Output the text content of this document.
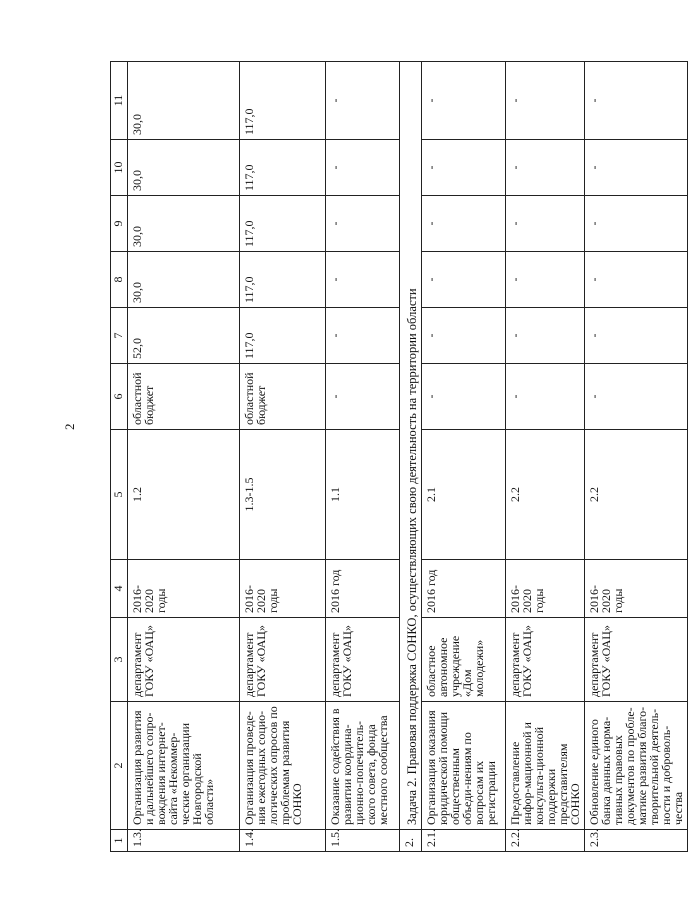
2
1	2	3	4	5	6	7	8	9	10	11
1.3.	Организация развития и дальнейшего сопро-вождения интернет-сайта «Некоммер-ческие организации Новгородской области»	департамент ГОКУ «ОАЦ»	2016-2020 годы	1.2	областной бюджет	52,0	30,0	30,0	30,0	30,0
1.4.	Организация проведе-ния ежегодных социо-логических опросов по проблемам развития СОНКО	департамент ГОКУ «ОАЦ»	2016-2020 годы	1.3-1.5	областной бюджет	117,0	117,0	117,0	117,0	117,0
1.5.	Оказание содействия в развитии координа-ционно-попечитель-ского совета, фонда местного сообщества	департамент ГОКУ «ОАЦ»	2016 год	1.1	-	-	-	-	-	-
2.	Задача 2. Правовая поддержка СОНКО, осуществляющих свою деятельность на территории области									
2.1.	Организация оказания юридической помощи общественным объеди-нениям по вопросам их регистрации	областное автономное учреждение «Дом молодежи»	2016 год	2.1	-	-	-	-	-	-
2.2.	Предоставление инфор-мационной и консульта-ционной поддержки представителям СОНКО	департамент ГОКУ «ОАЦ»	2016-2020 годы	2.2	-	-	-	-	-	-
2.3.	Обновление единого банка данных норма-тивных правовых документов по пробле-матике развития благо-творительной деятель-ности и доброволь-чества	департамент ГОКУ «ОАЦ»	2016-2020 годы	2.2	-	-	-	-	-	-
